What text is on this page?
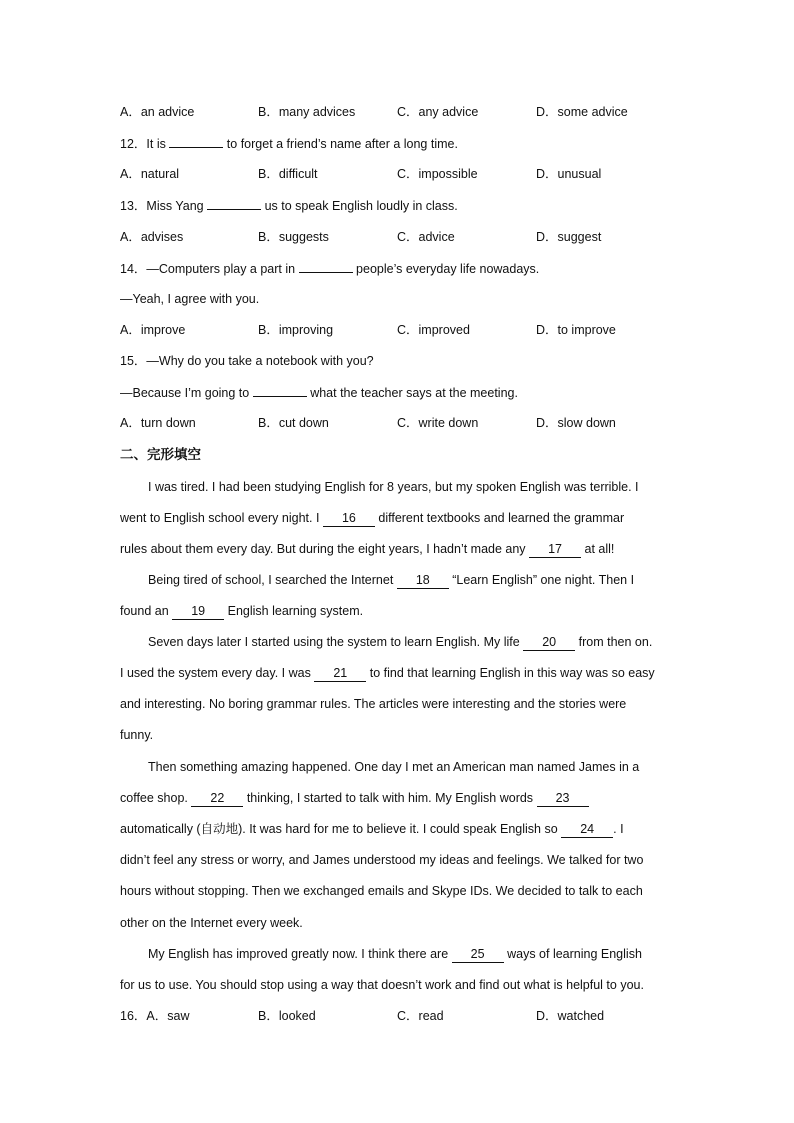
A．an advice	B．many advices	C．any advice	D．some advice
12．It is	to forget a friend’s name after a long time.
A．natural	B．difficult	C．impossible	D．unusual
13．Miss Yang	us to speak English loudly in class.
A．advises	B．suggests	C．advice	D．suggest
14．—Computers play a part in	people’s everyday life nowadays.
—Yeah, I agree with you.
A．improve	B．improving	C．improved	D．to improve
15．—Why do you take a notebook with you?
—Because I’m going to	what the teacher says at the meeting.
A．turn down	B．cut down	C．write down	D．slow down
二、完形填空
I was tired. I had been studying English for 8 years, but my spoken English was terrible. I
went to English school every night. I 16 different textbooks and learned the grammar
rules about them every day. But during the eight years, I hadn’t made any 17 at all!
Being tired of school, I searched the Internet 18 “Learn English” one night. Then I
found an 19 English learning system.
Seven days later I started using the system to learn English. My life 20 from then on.
I used the system every day. I was 21 to find that learning English in this way was so easy
and interesting. No boring grammar rules. The articles were interesting and the stories were
funny.
Then something amazing happened. One day I met an American man named James in a
coffee shop. 22 thinking, I started to talk with him. My English words 23
automatically (自动地). It was hard for me to believe it. I could speak English so 24 . I
didn’t feel any stress or worry, and James understood my ideas and feelings. We talked for two
hours without stopping. Then we exchanged emails and Skype IDs. We decided to talk to each
other on the Internet every week.
My English has improved greatly now. I think there are 25 ways of learning English
for us to use. You should stop using a way that doesn’t work and find out what is helpful to you.
16．A．saw	B．looked	C．read	D．watched
